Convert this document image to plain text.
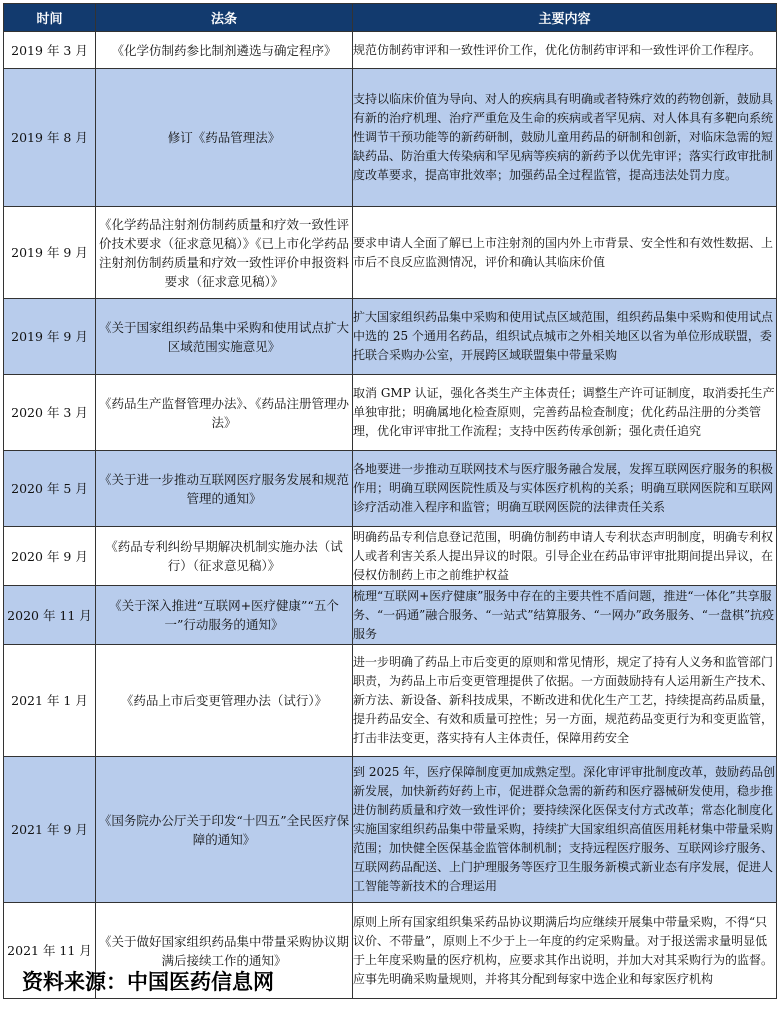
时间	法条	主要内容
2019 年 3 月	《化学仿制药参比制剂遴选与确定程序》	规范仿制药审评和一致性评价工作，优化仿制药审评和一致性评价工作程序。
2019 年 8 月	修订《药品管理法》	支持以临床价值为导向、对人的疾病具有明确或者特殊疗效的药物创新，鼓励具有新的治疗机理、治疗严重危及生命的疾病或者罕见病、对人体具有多靶向系统性调节干预功能等的新药研制，鼓励儿童用药品的研制和创新，对临床急需的短缺药品、防治重大传染病和罕见病等疾病的新药予以优先审评；落实行政审批制度改革要求，提高审批效率；加强药品全过程监管，提高违法处罚力度。
2019 年 9 月	《化学药品注射剂仿制药质量和疗效一致性评价技术要求（征求意见稿）》《已上市化学药品注射剂仿制药质量和疗效一致性评价申报资料要求（征求意见稿）》	要求申请人全面了解已上市注射剂的国内外上市背景、安全性和有效性数据、上市后不良反应监测情况，评价和确认其临床价值
2019 年 9 月	《关于国家组织药品集中采购和使用试点扩大区域范围实施意见》	扩大国家组织药品集中采购和使用试点区域范围，组织药品集中采购和使用试点中选的 25 个通用名药品，组织试点城市之外相关地区以省为单位形成联盟，委托联合采购办公室，开展跨区域联盟集中带量采购
2020 年 3 月	《药品生产监督管理办法》、《药品注册管理办法》	取消 GMP 认证，强化各类生产主体责任；调整生产许可证制度，取消委托生产单独审批；明确属地化检查原则，完善药品检查制度；优化药品注册的分类管理，优化审评审批工作流程；支持中医药传承创新；强化责任追究
2020 年 5 月	《关于进一步推动互联网医疗服务发展和规范管理的通知》	各地要进一步推动互联网技术与医疗服务融合发展，发挥互联网医疗服务的积极作用；明确互联网医院性质及与实体医疗机构的关系；明确互联网医院和互联网诊疗活动准入程序和监管；明确互联网医院的法律责任关系
2020 年 9 月	《药品专利纠纷早期解决机制实施办法（试行）（征求意见稿）》	明确药品专利信息登记范围，明确仿制药申请人专利状态声明制度，明确专利权人或者利害关系人提出异议的时限。引导企业在药品审评审批期间提出异议，在侵权仿制药上市之前维护权益
2020 年 11 月	《关于深入推进“互联网+医疗健康”“五个一”行动服务的通知》	梳理“互联网+医疗健康”服务中存在的主要共性不盾问题，推进“一体化”共享服务、“一码通”融合服务、“一站式”结算服务、“一网办”政务服务、“一盘棋”抗疫服务
2021 年 1 月	《药品上市后变更管理办法（试行）》	进一步明确了药品上市后变更的原则和常见情形，规定了持有人义务和监管部门职责，为药品上市后变更管理提供了依据。一方面鼓励持有人运用新生产技术、新方法、新设备、新科技成果，不断改进和优化生产工艺，持续提高药品质量，提升药品安全、有效和质量可控性；另一方面，规范药品变更行为和变更监管，打击非法变更，落实持有人主体责任，保障用药安全
2021 年 9 月	《国务院办公厅关于印发“十四五”全民医疗保障的通知》	到 2025 年，医疗保障制度更加成熟定型。深化审评审批制度改革，鼓励药品创新发展，加快新药好药上市，促进群众急需的新药和医疗器械研发使用，稳步推进仿制药质量和疗效一致性评价；要持续深化医保支付方式改革；常态化制度化实施国家组织药品集中带量采购，持续扩大国家组织高值医用耗材集中带量采购范围；加快健全医保基金监管体制机制；支持远程医疗服务、互联网诊疗服务、互联网药品配送、上门护理服务等医疗卫生服务新模式新业态有序发展，促进人工智能等新技术的合理运用
2021 年 11 月	《关于做好国家组织药品集中带量采购协议期满后接续工作的通知》	原则上所有国家组织集采药品协议期满后均应继续开展集中带量采购，不得“只议价、不带量”，原则上不少于上一年度的约定采购量。对于报送需求量明显低于上年度采购量的医疗机构，应要求其作出说明，并加大对其采购行为的监督。应事先明确采购量规则，并将其分配到每家中选企业和每家医疗机构
资料来源：中国医药信息网
